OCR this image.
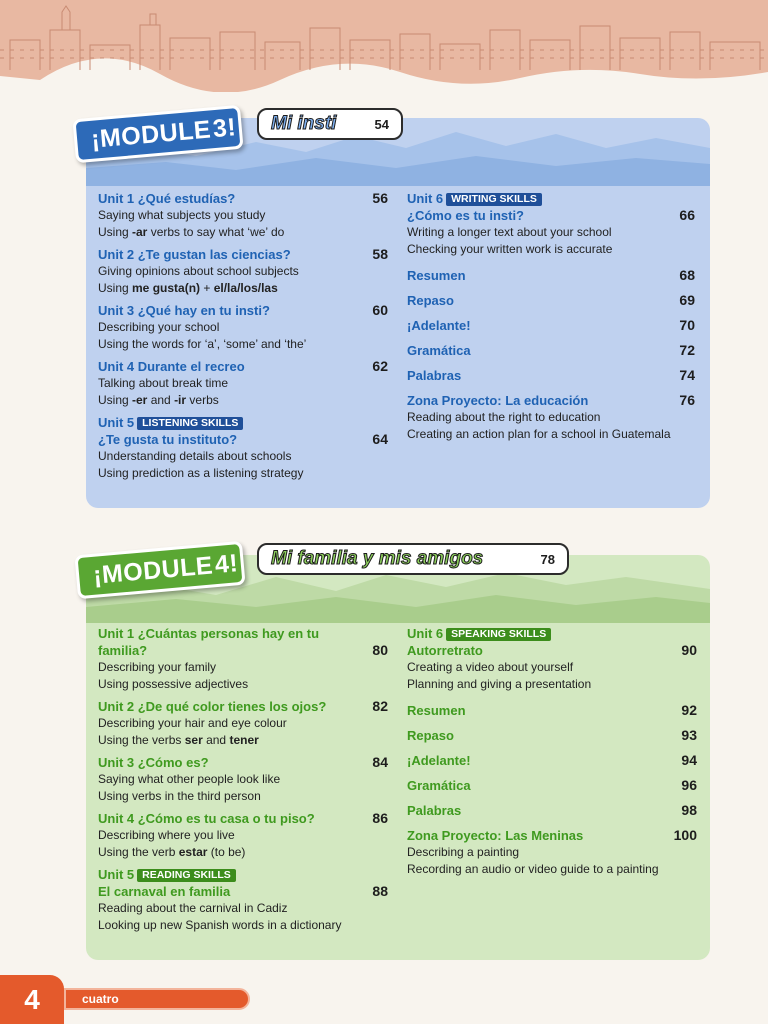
¡MODULE 3! Mi insti	54
Unit 1 ¿Qué estudías?	56
Saying what subjects you study
Using -ar verbs to say what ‘we’ do
Unit 2 ¿Te gustan las ciencias?	58
Giving opinions about school subjects
Using me gusta(n) + el/la/los/las
Unit 3 ¿Qué hay en tu insti?	60
Describing your school
Using the words for ‘a’, ‘some’ and ‘the’
Unit 4 Durante el recreo	62
Talking about break time
Using -er and -ir verbs
Unit 5 LISTENING SKILLS
¿Te gusta tu instituto?	64
Understanding details about schools
Using prediction as a listening strategy
Unit 6 WRITING SKILLS
¿Cómo es tu insti?	66
Writing a longer text about your school
Checking your written work is accurate
Resumen	68
Repaso	69
¡Adelante!	70
Gramática	72
Palabras	74
Zona Proyecto: La educación	76
Reading about the right to education
Creating an action plan for a school in Guatemala
¡MODULE 4! Mi familia y mis amigos	78
Unit 1 ¿Cuántas personas hay en tu
familia?	80
Describing your family
Using possessive adjectives
Unit 2 ¿De qué color tienes los ojos?	82
Describing your hair and eye colour
Using the verbs ser and tener
Unit 3 ¿Cómo es?	84
Saying what other people look like
Using verbs in the third person
Unit 4 ¿Cómo es tu casa o tu piso?	86
Describing where you live
Using the verb estar (to be)
Unit 5 READING SKILLS
El carnaval en familia	88
Reading about the carnival in Cadiz
Looking up new Spanish words in a dictionary
Unit 6 SPEAKING SKILLS
Autorretrato	90
Creating a video about yourself
Planning and giving a presentation
Resumen	92
Repaso	93
¡Adelante!	94
Gramática	96
Palabras	98
Zona Proyecto: Las Meninas	100
Describing a painting
Recording an audio or video guide to a painting
4	cuatro
